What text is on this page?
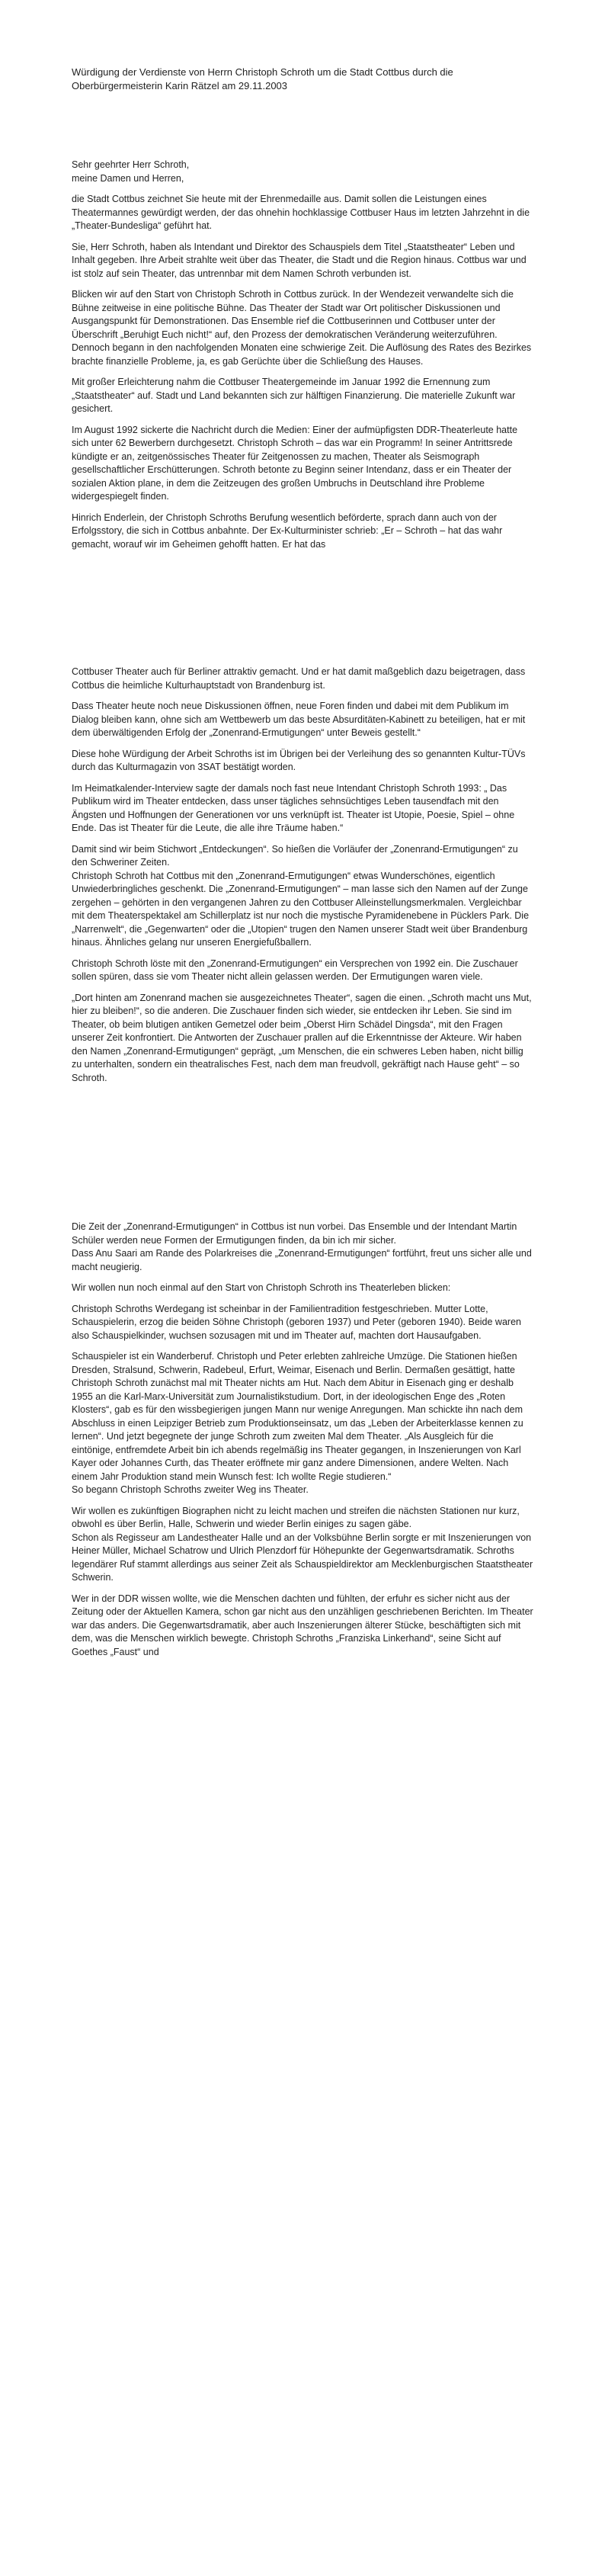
Würdigung der Verdienste von Herrn Christoph Schroth um die Stadt Cottbus durch die

Oberbürgermeisterin Karin Rätzel am 29.11.2003

Sehr geehrter Herr Schroth,

meine Damen und Herren,

die Stadt Cottbus zeichnet Sie heute mit der Ehrenmedaille aus. Damit sollen die Leistungen eines Theatermannes gewürdigt werden, der das ohnehin hochklassige Cottbuser Haus im letzten Jahrzehnt in die „Theater-Bundesliga“ geführt hat.

Sie, Herr Schroth, haben als Intendant und Direktor des Schauspiels dem Titel „Staatstheater“ Leben und Inhalt gegeben. Ihre Arbeit strahlte weit über das Theater, die Stadt und die Region hinaus. Cottbus war und ist stolz auf sein Theater, das untrennbar mit dem Namen Schroth verbunden ist.

Blicken wir auf den Start von Christoph Schroth in Cottbus zurück. In der Wendezeit verwandelte sich die Bühne zeitweise in eine politische Bühne. Das Theater der Stadt war Ort politischer Diskussionen und Ausgangspunkt für Demonstrationen. Das Ensemble rief die Cottbuserinnen und Cottbuser unter der Überschrift „Beruhigt Euch nicht!“ auf, den Prozess der demokratischen Veränderung weiterzuführen. Dennoch begann in den nachfolgenden Monaten eine schwierige Zeit. Die Auflösung des Rates des Bezirkes brachte finanzielle Probleme, ja, es gab Gerüchte über die Schließung des Hauses.

Mit großer Erleichterung nahm die Cottbuser Theatergemeinde im Januar 1992 die Ernennung zum „Staatstheater“ auf. Stadt und Land bekannten sich zur hälftigen Finanzierung. Die materielle Zukunft war gesichert.

Im August 1992 sickerte die Nachricht durch die Medien: Einer der aufmüpfigsten DDR-Theaterleute hatte sich unter 62 Bewerbern durchgesetzt. Christoph Schroth – das war ein Programm! In seiner Antrittsrede kündigte er an, zeitgenössisches Theater für Zeitgenossen zu machen, Theater als Seismograph gesellschaftlicher Erschütterungen. Schroth betonte zu Beginn seiner Intendanz, dass er ein Theater der sozialen Aktion plane, in dem die Zeitzeugen des großen Umbruchs in Deutschland ihre Probleme widergespiegelt finden.

Hinrich Enderlein, der Christoph Schroths Berufung wesentlich beförderte, sprach dann auch von der Erfolgsstory, die sich in Cottbus anbahnte. Der Ex-Kulturminister schrieb: „Er – Schroth – hat das wahr gemacht, worauf wir im Geheimen gehofft hatten. Er hat das

Cottbuser Theater auch für Berliner attraktiv gemacht. Und er hat damit maßgeblich dazu beigetragen, dass Cottbus die heimliche Kulturhauptstadt von Brandenburg ist.

Dass Theater heute noch neue Diskussionen öffnen, neue Foren finden und dabei mit dem Publikum im Dialog bleiben kann, ohne sich am Wettbewerb um das beste Absurditäten-Kabinett zu beteiligen, hat er mit dem überwältigenden Erfolg der „Zonenrand-Ermutigungen“ unter Beweis gestellt.“

Diese hohe Würdigung der Arbeit Schroths ist im Übrigen bei der Verleihung des so genannten Kultur-TÜVs durch das Kulturmagazin von 3SAT bestätigt worden.

Im Heimatkalender-Interview sagte der damals noch fast neue Intendant Christoph Schroth 1993: „ Das Publikum wird im Theater entdecken, dass unser tägliches sehnsüchtiges Leben tausendfach mit den Ängsten und Hoffnungen der Generationen vor uns verknüpft ist. Theater ist Utopie, Poesie, Spiel – ohne Ende. Das ist Theater für die Leute, die alle ihre Träume haben.“

Damit sind wir beim Stichwort „Entdeckungen“. So hießen die Vorläufer der „Zonenrand-Ermutigungen“ zu den Schweriner Zeiten.

Christoph Schroth hat Cottbus mit den „Zonenrand-Ermutigungen“ etwas Wunderschönes, eigentlich Unwiederbringliches geschenkt. Die „Zonenrand-Ermutigungen“ – man lasse sich den Namen auf der Zunge zergehen – gehörten in den vergangenen Jahren zu den Cottbuser Alleinstellungsmerkmalen. Vergleichbar mit dem Theaterspektakel am Schillerplatz ist nur noch die mystische Pyramidenebene in Pücklers Park. Die „Narrenwelt“, die „Gegenwarten“ oder die „Utopien“ trugen den Namen unserer Stadt weit über Brandenburg hinaus. Ähnliches gelang nur unseren Energiefußballern.

Christoph Schroth löste mit den „Zonenrand-Ermutigungen“ ein Versprechen von 1992 ein. Die Zuschauer sollen spüren, dass sie vom Theater nicht allein gelassen werden. Der Ermutigungen waren viele.

„Dort hinten am Zonenrand machen sie ausgezeichnetes Theater“, sagen die einen. „Schroth macht uns Mut, hier zu bleiben!“, so die anderen. Die Zuschauer finden sich wieder, sie entdecken ihr Leben. Sie sind im Theater, ob beim blutigen antiken Gemetzel oder beim „Oberst Hirn Schädel Dingsda“, mit den Fragen unserer Zeit konfrontiert. Die Antworten der Zuschauer prallen auf die Erkenntnisse der Akteure. Wir haben den Namen „Zonenrand-Ermutigungen“ geprägt, „um Menschen, die ein schweres Leben haben, nicht billig zu unterhalten, sondern ein theatralisches Fest, nach dem man freudvoll, gekräftigt nach Hause geht“ – so Schroth.

Die Zeit der „Zonenrand-Ermutigungen“ in Cottbus ist nun vorbei. Das Ensemble und der Intendant Martin Schüler werden neue Formen der Ermutigungen finden, da bin ich mir sicher.

Dass Anu Saari am Rande des Polarkreises die „Zonenrand-Ermutigungen“ fortführt, freut uns sicher alle und macht neugierig.

Wir wollen nun noch einmal auf den Start von Christoph Schroth ins Theaterleben blicken:

Christoph Schroths Werdegang ist scheinbar in der Familientradition festgeschrieben. Mutter Lotte, Schauspielerin, erzog die beiden Söhne Christoph (geboren 1937) und Peter (geboren 1940). Beide waren also Schauspielkinder, wuchsen sozusagen mit und im Theater auf, machten dort Hausaufgaben.

Schauspieler ist ein Wanderberuf. Christoph und Peter erlebten zahlreiche Umzüge. Die Stationen hießen Dresden, Stralsund, Schwerin, Radebeul, Erfurt, Weimar, Eisenach und Berlin. Dermaßen gesättigt, hatte Christoph Schroth zunächst mal mit Theater nichts am Hut. Nach dem Abitur in Eisenach ging er deshalb 1955 an die Karl-Marx-Universität zum Journalistikstudium. Dort, in der ideologischen Enge des „Roten Klosters“, gab es für den wissbegierigen jungen Mann nur wenige Anregungen. Man schickte ihn nach dem Abschluss in einen Leipziger Betrieb zum Produktionseinsatz, um das „Leben der Arbeiterklasse kennen zu lernen“. Und jetzt begegnete der junge Schroth zum zweiten Mal dem Theater. „Als Ausgleich für die eintönige, entfremdete Arbeit bin ich abends regelmäßig ins Theater gegangen, in Inszenierungen von Karl Kayer oder Johannes Curth, das Theater eröffnete mir ganz andere Dimensionen, andere Welten. Nach einem Jahr Produktion stand mein Wunsch fest: Ich wollte Regie studieren.“

So begann Christoph Schroths zweiter Weg ins Theater.

Wir wollen es zukünftigen Biographen nicht zu leicht machen und streifen die nächsten Stationen nur kurz, obwohl es über Berlin, Halle, Schwerin und wieder Berlin einiges zu sagen gäbe.

Schon als Regisseur am Landestheater Halle und an der Volksbühne Berlin sorgte er mit Inszenierungen von Heiner Müller, Michael Schatrow und Ulrich Plenzdorf für Höhepunkte der Gegenwartsdramatik. Schroths legendärer Ruf stammt allerdings aus seiner Zeit als Schauspieldirektor am Mecklenburgischen Staatstheater Schwerin.

Wer in der DDR wissen wollte, wie die Menschen dachten und fühlten, der erfuhr es sicher nicht aus der Zeitung oder der Aktuellen Kamera, schon gar nicht aus den unzähligen geschriebenen Berichten. Im Theater war das anders. Die Gegenwartsdramatik, aber auch Inszenierungen älterer Stücke, beschäftigten sich mit dem, was die Menschen wirklich bewegte. Christoph Schroths „Franziska Linkerhand“, seine Sicht auf Goethes „Faust“ und
